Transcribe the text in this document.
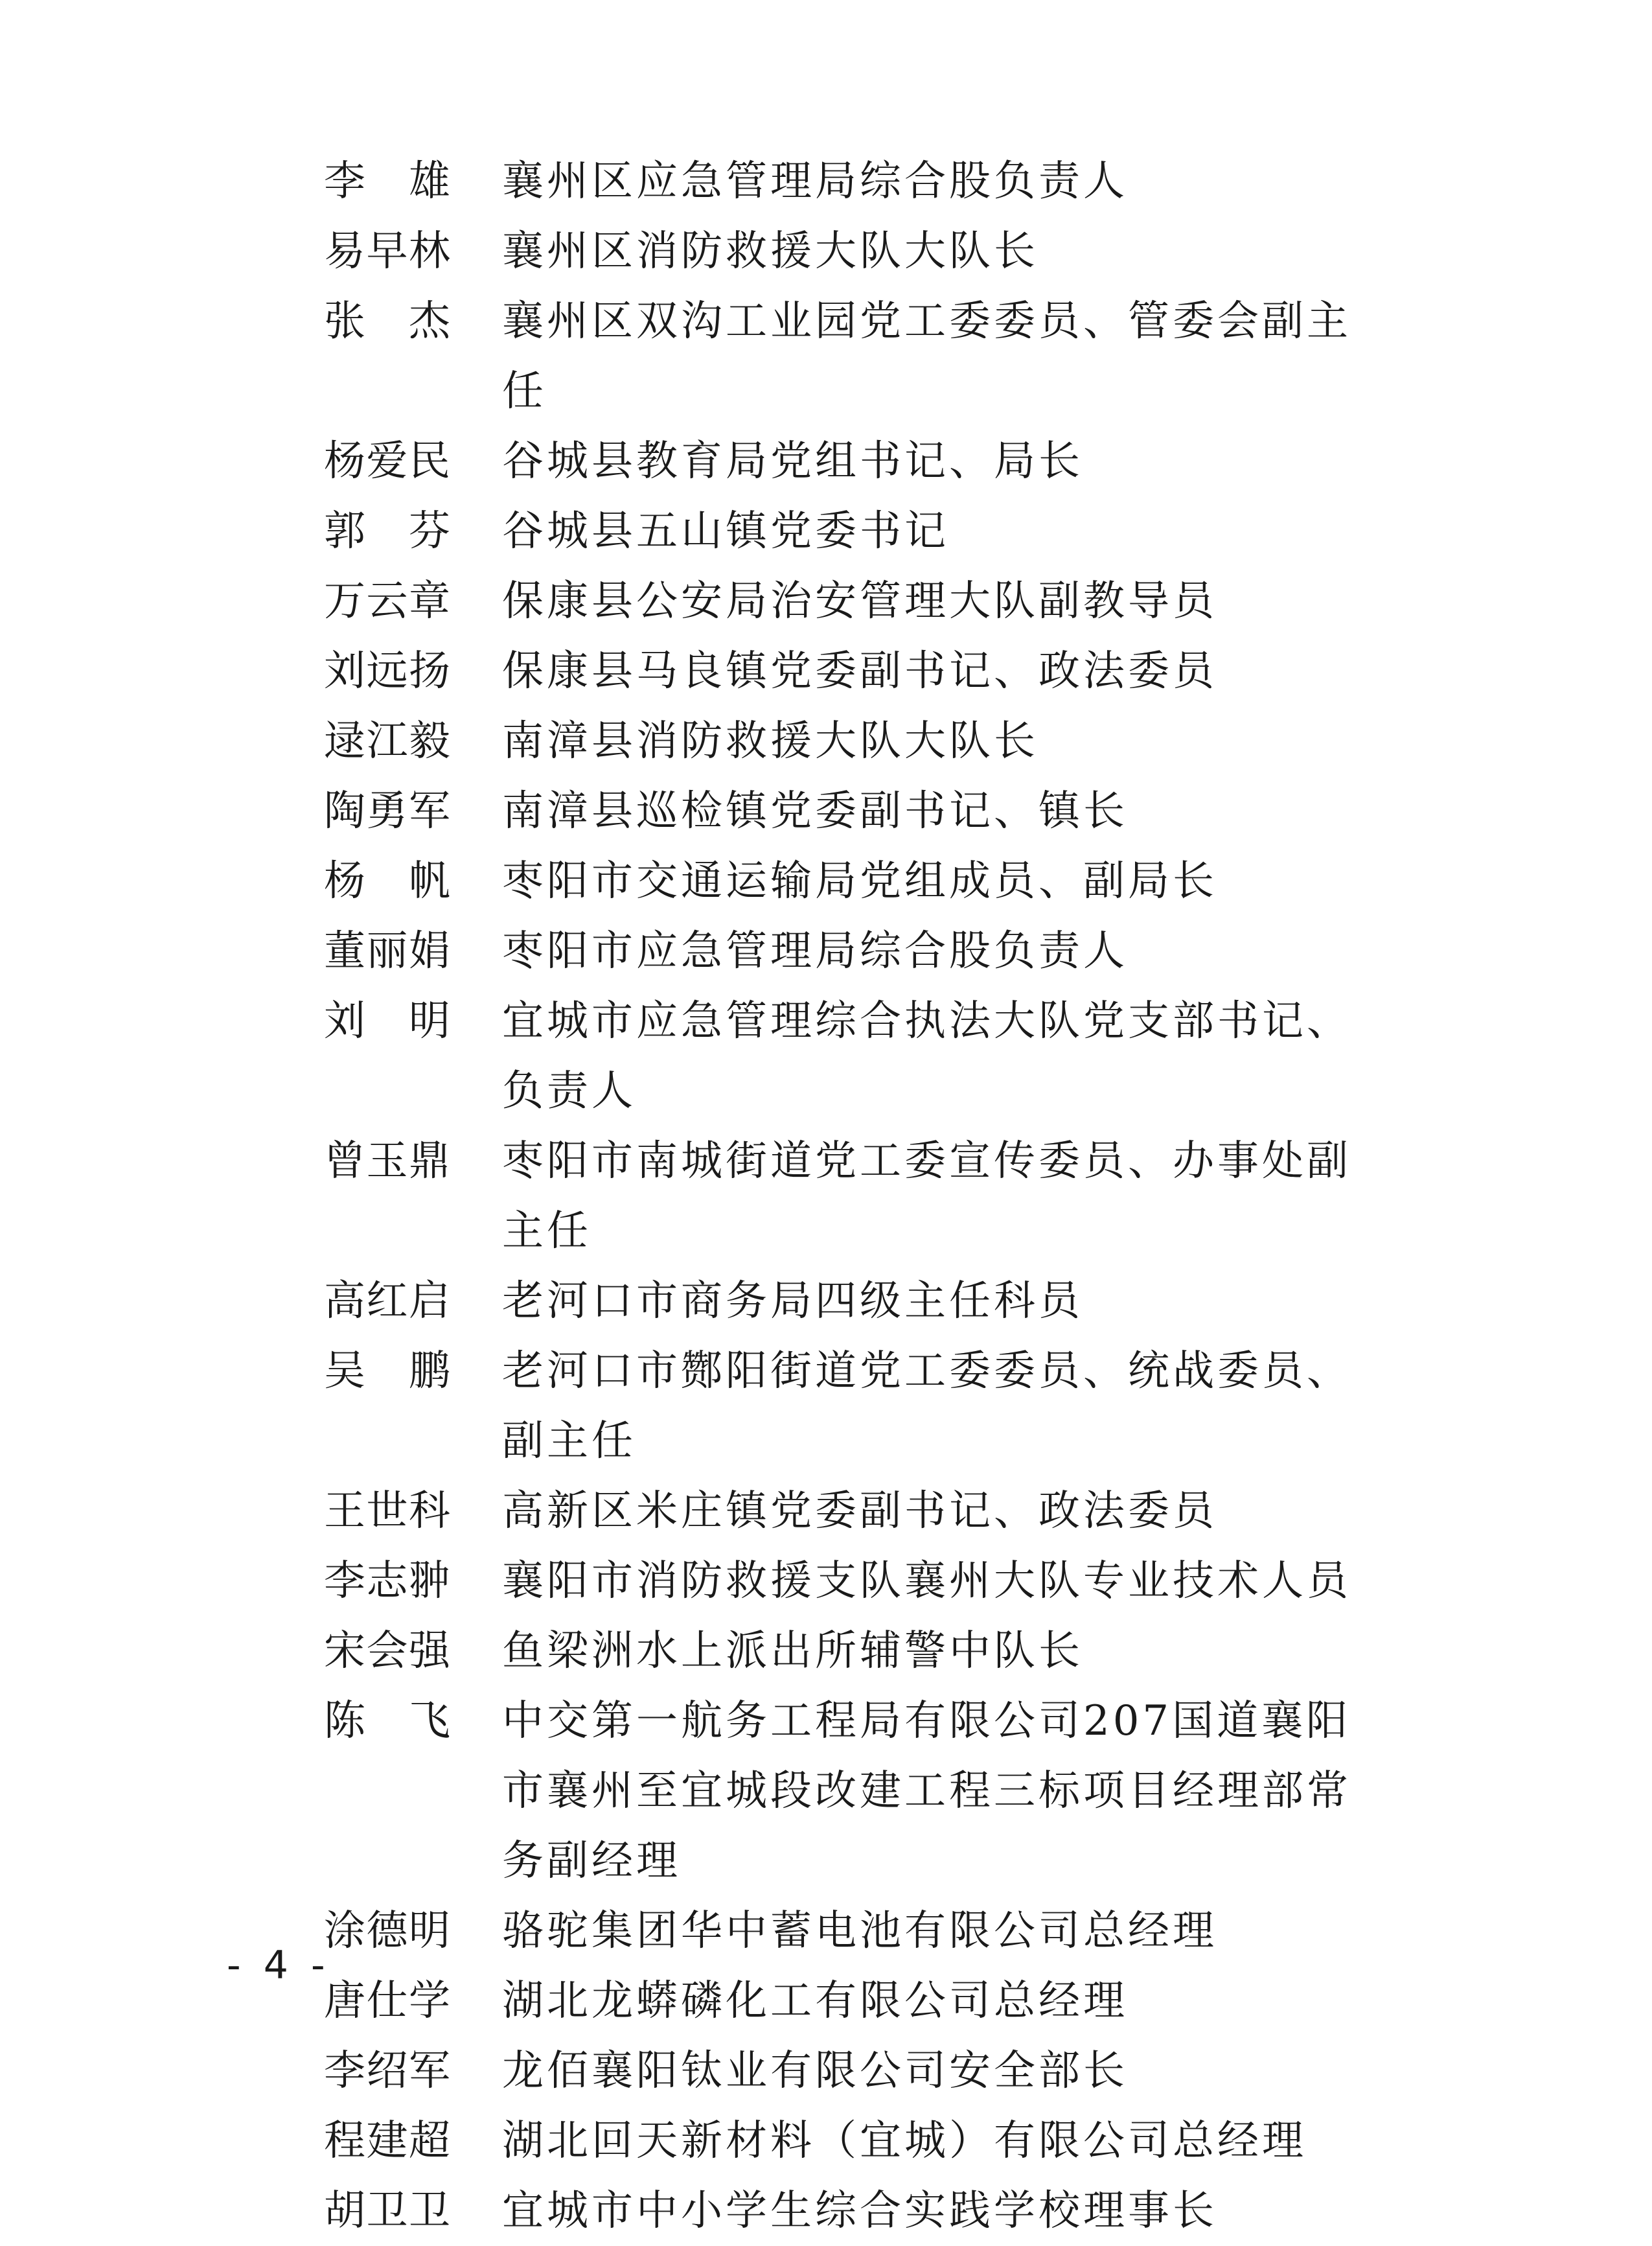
李 雄 襄州区应急管理局综合股负责人
易 早 林 襄州区消防救援大队大队长
张 杰 襄州区双沟工业园党工委委员、管委会副主任
杨 爱 民 谷城县教育局党组书记、局长
郭 芬 谷城县五山镇党委书记
万 云 章 保康县公安局治安管理大队副教导员
刘 远 扬 保康县马良镇党委副书记、政法委员
逯 江 毅 南漳县消防救援大队大队长
陶 勇 军 南漳县巡检镇党委副书记、镇长
杨 帆 枣阳市交通运输局党组成员、副局长
董 丽 娟 枣阳市应急管理局综合股负责人
刘 明 宜城市应急管理综合执法大队党支部书记、负责人
曾 玉 鼎 枣阳市南城街道党工委宣传委员、办事处副主任
高 红 启 老河口市商务局四级主任科员
吴 鹏 老河口市酂阳街道党工委委员、统战委员、副主任
王 世 科 高新区米庄镇党委副书记、政法委员
李 志 翀 襄阳市消防救援支队襄州大队专业技术人员
宋 会 强 鱼梁洲水上派出所辅警中队长
陈 飞 中交第一航务工程局有限公司207国道襄阳市襄州至宜城段改建工程三标项目经理部常务副经理
涂 德 明 骆驼集团华中蓄电池有限公司总经理
唐 仕 学 湖北龙蟒磷化工有限公司总经理
李 绍 军 龙佰襄阳钛业有限公司安全部长
程 建 超 湖北回天新材料（宜城）有限公司总经理
胡 卫 卫 宜城市中小学生综合实践学校理事长
- 4 -
